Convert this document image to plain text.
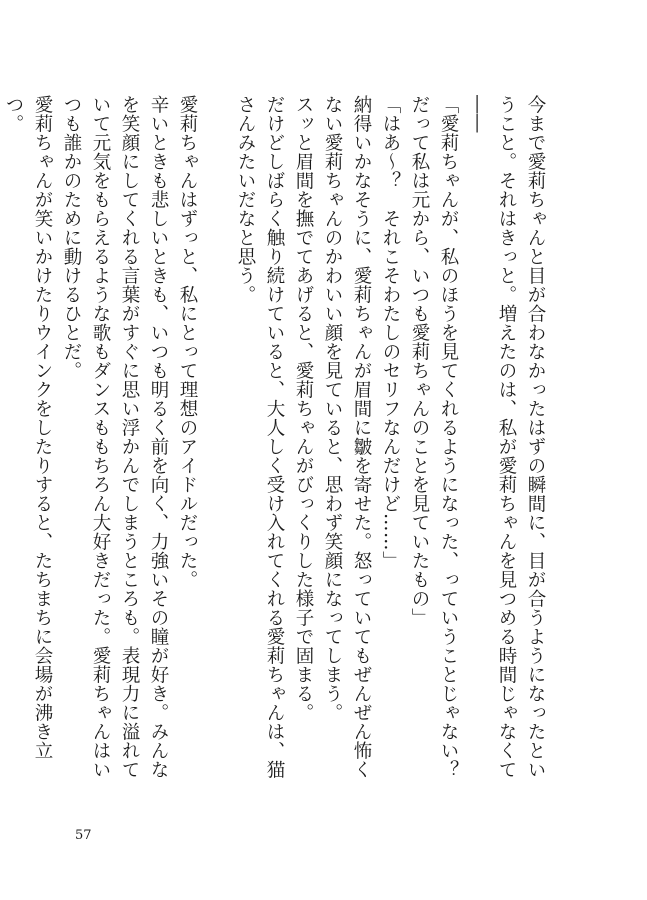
今まで愛莉ちゃんと目が合わなかったはずの瞬間に、目が合うようになったということ。それはきっと。増えたのは、私が愛莉ちゃんを見つめる時間じゃなくて――

「愛莉ちゃんが、私のほうを見てくれるようになった、っていうことじゃない？　だって私は元から、いつも愛莉ちゃんのことを見ていたもの」

「はあ～？　それこそわたしのセリフなんだけど……」

納得いかなそうに、愛莉ちゃんが眉間に皺を寄せた。怒っていてもぜんぜん怖くない愛莉ちゃんのかわいい顔を見ていると、思わず笑顔になってしまう。

スッと眉間を撫でてあげると、愛莉ちゃんがびっくりした様子で固まる。

だけどしばらく触り続けていると、大人しく受け入れてくれる愛莉ちゃんは、猫さんみたいだなと思う。

愛莉ちゃんはずっと、私にとって理想のアイドルだった。

辛いときも悲しいときも、いつも明るく前を向く、力強いその瞳が好き。みんなを笑顔にしてくれる言葉がすぐに思い浮かんでしまうところも。表現力に溢れていて元気をもらえるような歌もダンスももちろん大好きだった。愛莉ちゃんはいつも誰かのために動けるひとだ。

愛莉ちゃんが笑いかけたりウインクをしたりすると、たちまちに会場が沸き立つ。

57
